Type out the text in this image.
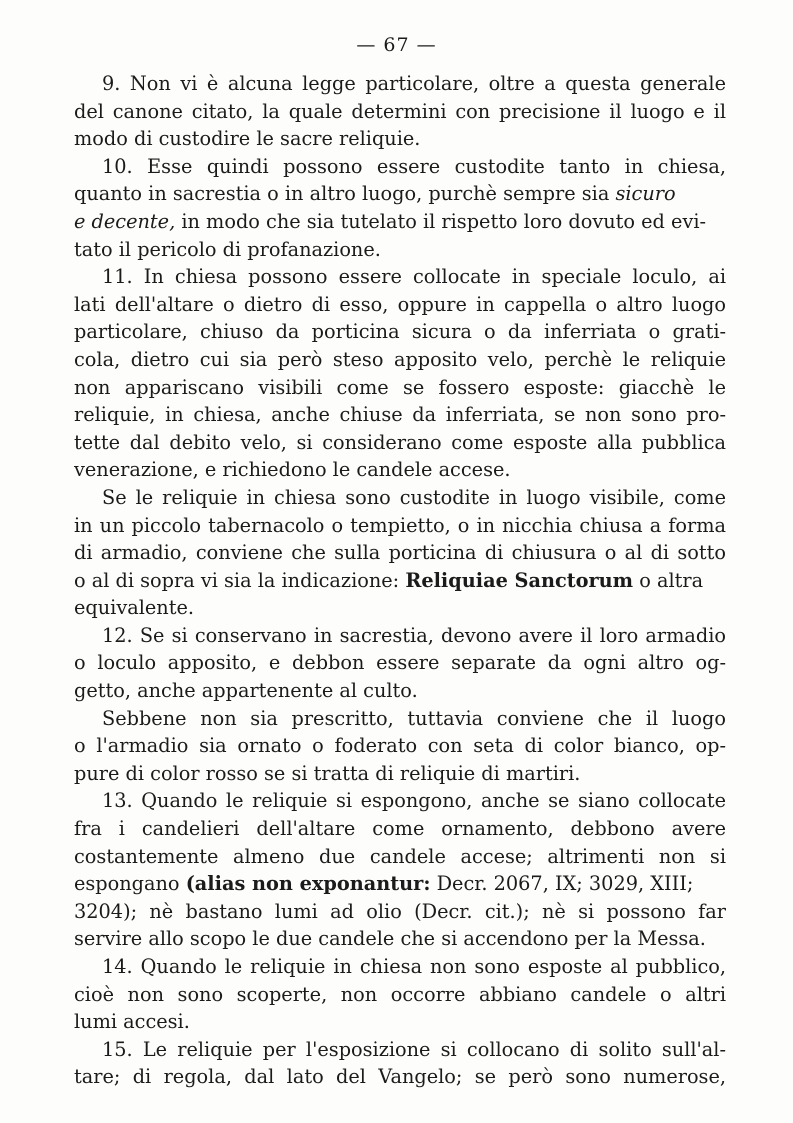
— 67 —
9. Non vi è alcuna legge particolare, oltre a questa generale
del canone citato, la quale determini con precisione il luogo e il
modo di custodire le sacre reliquie.
10. Esse quindi possono essere custodite tanto in chiesa,
quanto in sacrestia o in altro luogo, purchè sempre sia sicuro
e decente, in modo che sia tutelato il rispetto loro dovuto ed evi-
tato il pericolo di profanazione.
11. In chiesa possono essere collocate in speciale loculo, ai
lati dell'altare o dietro di esso, oppure in cappella o altro luogo
particolare, chiuso da porticina sicura o da inferriata o grati-
cola, dietro cui sia però steso apposito velo, perchè le reliquie
non appariscano visibili come se fossero esposte: giacchè le
reliquie, in chiesa, anche chiuse da inferriata, se non sono pro-
tette dal debito velo, si considerano come esposte alla pubblica
venerazione, e richiedono le candele accese.
Se le reliquie in chiesa sono custodite in luogo visibile, come
in un piccolo tabernacolo o tempietto, o in nicchia chiusa a forma
di armadio, conviene che sulla porticina di chiusura o al di sotto
o al di sopra vi sia la indicazione: Reliquiae Sanctorum o altra
equivalente.
12. Se si conservano in sacrestia, devono avere il loro armadio
o loculo apposito, e debbon essere separate da ogni altro og-
getto, anche appartenente al culto.
Sebbene non sia prescritto, tuttavia conviene che il luogo
o l'armadio sia ornato o foderato con seta di color bianco, op-
pure di color rosso se si tratta di reliquie di martiri.
13. Quando le reliquie si espongono, anche se siano collocate
fra i candelieri dell'altare come ornamento, debbono avere
costantemente almeno due candele accese; altrimenti non si
espongano (alias non exponantur: Decr. 2067, IX; 3029, XIII;
3204); nè bastano lumi ad olio (Decr. cit.); nè si possono far
servire allo scopo le due candele che si accendono per la Messa.
14. Quando le reliquie in chiesa non sono esposte al pubblico,
cioè non sono scoperte, non occorre abbiano candele o altri
lumi accesi.
15. Le reliquie per l'esposizione si collocano di solito sull'al-
tare; di regola, dal lato del Vangelo; se però sono numerose,
